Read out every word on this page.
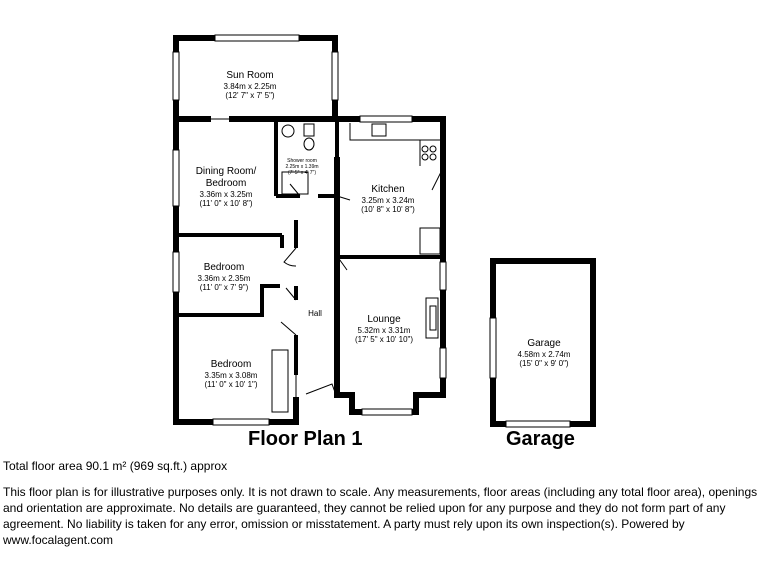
Sun Room
3.84m x 2.25m
(12' 7" x 7' 5")
Dining Room/
Bedroom
3.36m x 3.25m
(11' 0" x 10' 8")
Shower room
2.25m x 1.39m
(7' 5" x 4' 7")
Kitchen
3.25m x 3.24m
(10' 8" x 10' 8")
Bedroom
3.36m x 2.35m
(11' 0" x 7' 9")
Hall
Lounge
5.32m x 3.31m
(17' 5" x 10' 10")
Bedroom
3.35m x 3.08m
(11' 0" x 10' 1")
Garage
4.58m x 2.74m
(15' 0" x 9' 0")
Floor Plan 1	Garage
Total floor area 90.1 m² (969 sq.ft.) approx
This floor plan is for illustrative purposes only. It is not drawn to scale. Any measurements, floor areas (including any total floor area), openings and orientation are approximate. No details are guaranteed, they cannot be relied upon for any purpose and they do not form part of any agreement. No liability is taken for any error, omission or misstatement. A party must rely upon its own inspection(s). Powered by www.focalagent.com
